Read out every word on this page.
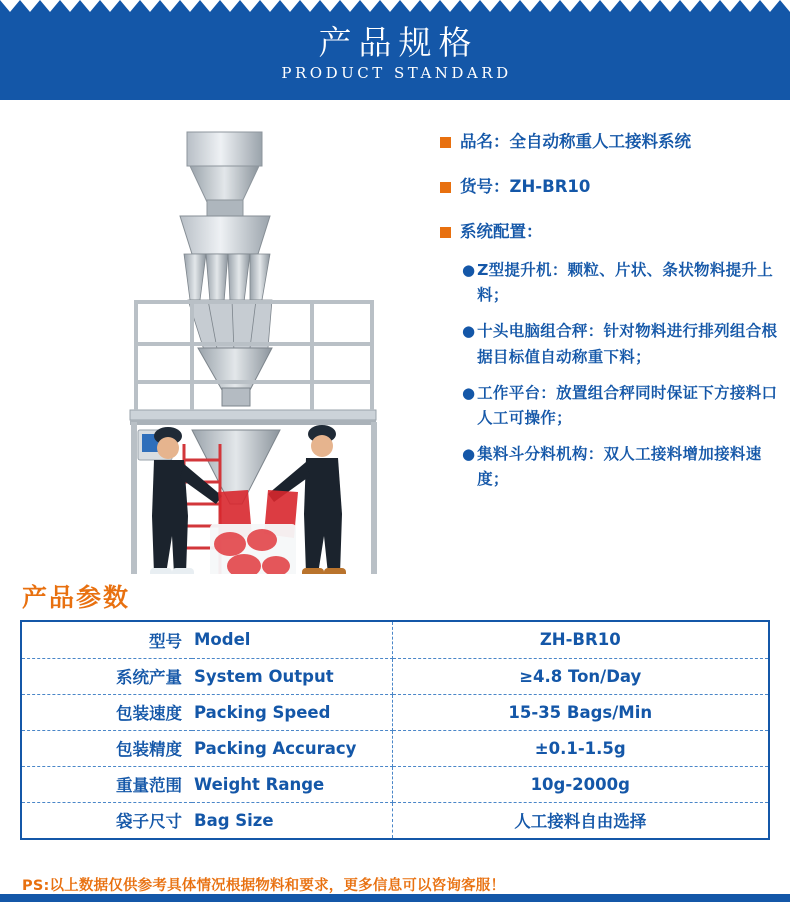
产品规格
PRODUCT STANDARD
品名： 全自动称重人工接料系统
货号： ZH-BR10
系统配置：
● Z型提升机：颗粒、片状、条状物料提升上料；
● 十头电脑组合秤：针对物料进行排列组合根据目标值自动称重下料；
● 工作平台：放置组合秤同时保证下方接料口人工可操作；
● 集料斗分料机构：双人工接料增加接料速度；
产品参数
型号	Model	ZH-BR10
系统产量	System Output	≥4.8 Ton/Day
包装速度	Packing Speed	15-35 Bags/Min
包装精度	Packing Accuracy	±0.1-1.5g
重量范围	Weight Range	10g-2000g
袋子尺寸	Bag Size	人工接料自由选择
PS:以上数据仅供参考具体情况根据物料和要求，更多信息可以咨询客服！
